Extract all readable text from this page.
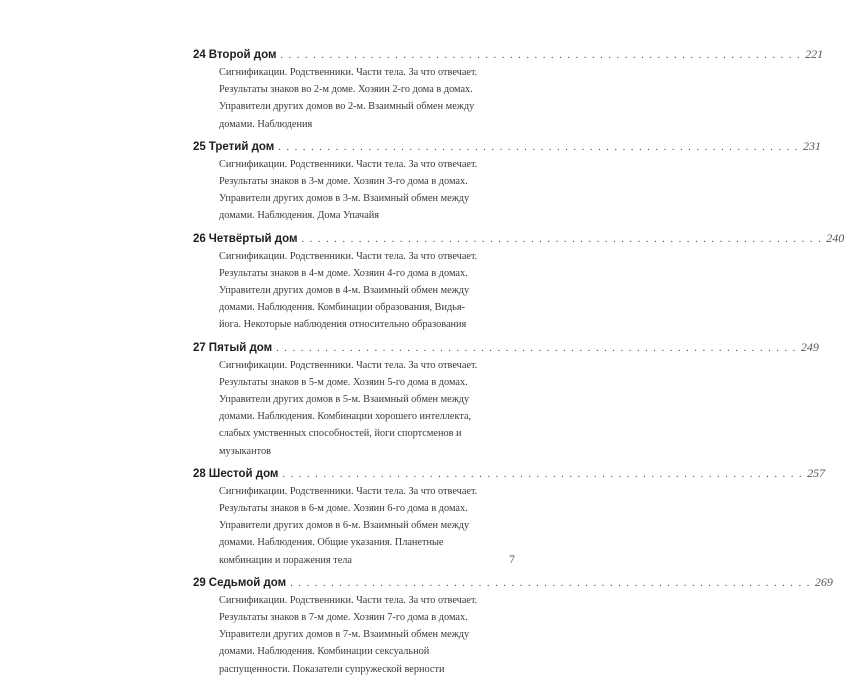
24 Второй дом . . .	221
Сигнификации. Родственники. Части тела. За что отвечает.
Результаты знаков во 2-м доме. Хозяин 2-го дома в домах.
Управители других домов во 2-м. Взаимный обмен между
домами. Наблюдения
25 Третий дом . . .	231
Сигнификации. Родственники. Части тела. За что отвечает.
Результаты знаков в 3-м доме. Хозяин 3-го дома в домах.
Управители других домов в 3-м. Взаимный обмен между
домами. Наблюдения. Дома Упачайя
26 Четвёртый дом . . .	240
Сигнификации. Родственники. Части тела. За что отвечает.
Результаты знаков в 4-м доме. Хозяин 4-го дома в домах.
Управители других домов в 4-м. Взаимный обмен между
домами. Наблюдения. Комбинации образования, Видья-
йога. Некоторые наблюдения относительно образования
27 Пятый дом . . .	249
Сигнификации. Родственники. Части тела. За что отвечает.
Результаты знаков в 5-м доме. Хозяин 5-го дома в домах.
Управители других домов в 5-м. Взаимный обмен между
домами. Наблюдения. Комбинации хорошего интеллекта,
слабых умственных способностей, йоги спортсменов и
музыкантов
28 Шестой дом . . .	257
Сигнификации. Родственники. Части тела. За что отвечает.
Результаты знаков в 6-м доме. Хозяин 6-го дома в домах.
Управители других домов в 6-м. Взаимный обмен между
домами. Наблюдения. Общие указания. Планетные
комбинации и поражения тела
29 Седьмой дом . . .	269
Сигнификации. Родственники. Части тела. За что отвечает.
Результаты знаков в 7-м доме. Хозяин 7-го дома в домах.
Управители других домов в 7-м. Взаимный обмен между
домами. Наблюдения. Комбинации сексуальной
распущенности. Показатели супружеской верности
7
